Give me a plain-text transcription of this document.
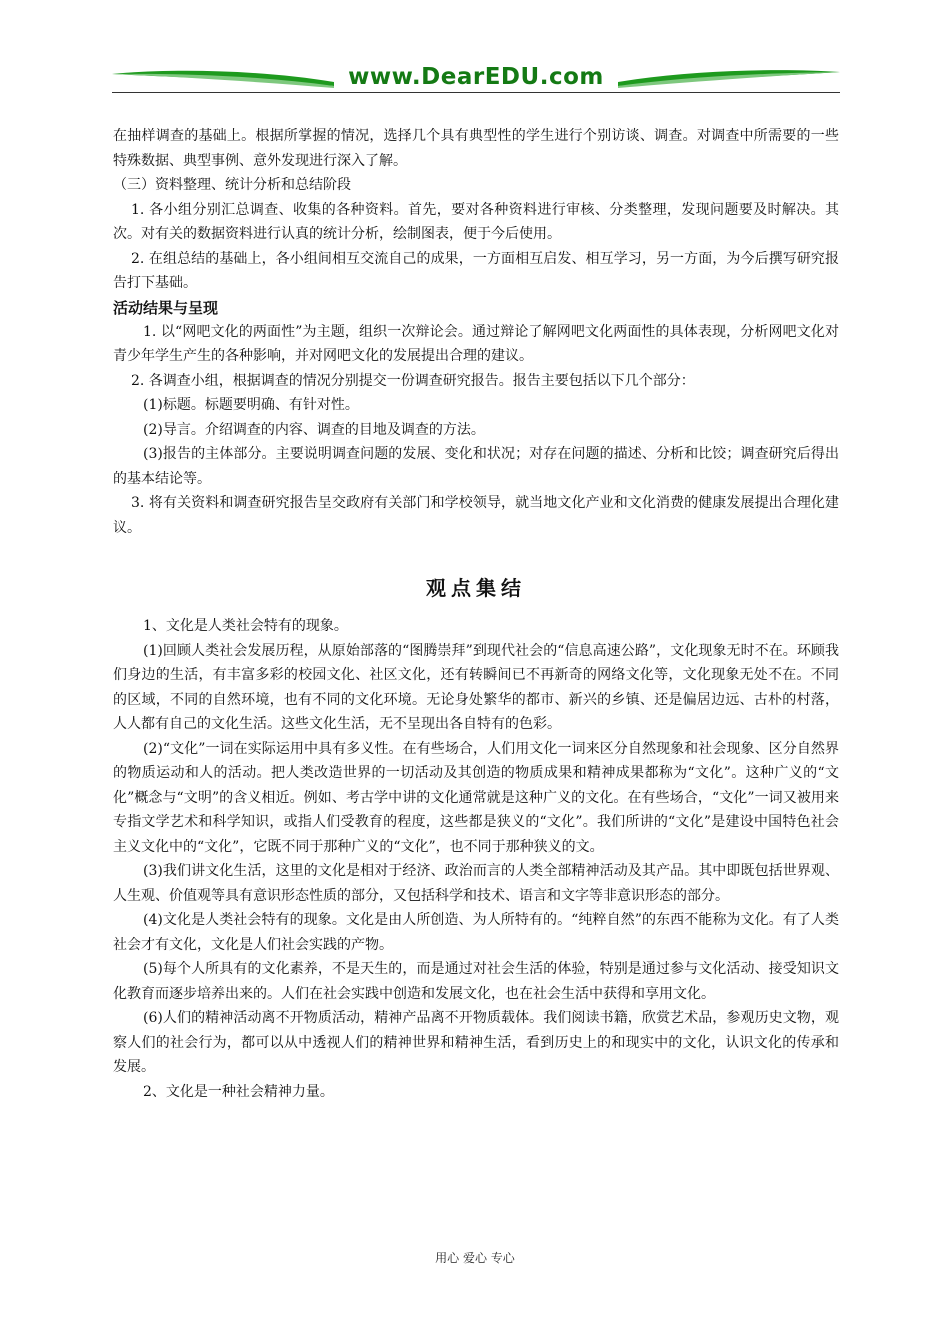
www.DearEDU.com

在抽样调查的基础上。根据所掌握的情况，选择几个具有典型性的学生进行个别访谈、调查。对调查中所需要的一些特殊数据、典型事例、意外发现进行深入了解。

（三）资料整理、统计分析和总结阶段

1. 各小组分别汇总调查、收集的各种资料。首先，要对各种资料进行审核、分类整理，发现问题要及时解决。其次。对有关的数据资料进行认真的统计分析，绘制图表，便于今后使用。

2. 在组总结的基础上，各小组间相互交流自己的成果，一方面相互启发、相互学习，另一方面，为今后撰写研究报告打下基础。

活动结果与呈现

1. 以“网吧文化的两面性”为主题，组织一次辩论会。通过辩论了解网吧文化两面性的具体表现，分析网吧文化对青少年学生产生的各种影响，并对网吧文化的发展提出合理的建议。

2. 各调查小组，根据调查的情况分别提交一份调查研究报告。报告主要包括以下几个部分：

(1)标题。标题要明确、有针对性。

(2)导言。介绍调查的内容、调查的目地及调查的方法。

(3)报告的主体部分。主要说明调查问题的发展、变化和状况；对存在问题的描述、分析和比饺；调查研究后得出的基本结论等。

3. 将有关资料和调查研究报告呈交政府有关部门和学校领导，就当地文化产业和文化消费的健康发展提出合理化建议。

观点集结

1、文化是人类社会特有的现象。

(1)回顾人类社会发展历程，从原始部落的“图腾崇拜”到现代社会的“信息高速公路”，文化现象无时不在。环顾我们身边的生活，有丰富多彩的校园文化、社区文化，还有转瞬间已不再新奇的网络文化等，文化现象无处不在。不同的区域，不同的自然环境，也有不同的文化环境。无论身处繁华的都市、新兴的乡镇、还是偏居边远、古朴的村落，人人都有自己的文化生活。这些文化生活，无不呈现出各自特有的色彩。

(2)“文化”一词在实际运用中具有多义性。在有些场合，人们用文化一词来区分自然现象和社会现象、区分自然界的物质运动和人的活动。把人类改造世界的一切活动及其创造的物质成果和精神成果都称为“文化”。这种广义的“文化”概念与“文明”的含义相近。例如、考古学中讲的文化通常就是这种广义的文化。在有些场合，“文化”一词又被用来专指文学艺术和科学知识，或指人们受教育的程度，这些都是狭义的“文化”。我们所讲的“文化”是建设中国特色社会主义文化中的“文化”，它既不同于那种广义的“文化”，也不同于那种狭义的文。

(3)我们讲文化生活，这里的文化是相对于经济、政治而言的人类全部精神活动及其产品。其中即既包括世界观、人生观、价值观等具有意识形态性质的部分，又包括科学和技术、语言和文字等非意识形态的部分。

(4)文化是人类社会特有的现象。文化是由人所创造、为人所特有的。“纯粹自然”的东西不能称为文化。有了人类社会才有文化，文化是人们社会实践的产物。

(5)每个人所具有的文化素养，不是天生的，而是通过对社会生活的体验，特别是通过参与文化活动、接受知识文化教育而逐步培养出来的。人们在社会实践中创造和发展文化，也在社会生活中获得和享用文化。

(6)人们的精神活动离不开物质活动，精神产品离不开物质载体。我们阅读书籍，欣赏艺术品，参观历史文物，观察人们的社会行为，都可以从中透视人们的精神世界和精神生活，看到历史上的和现实中的文化，认识文化的传承和发展。

2、文化是一种社会精神力量。

用心 爱心 专心
